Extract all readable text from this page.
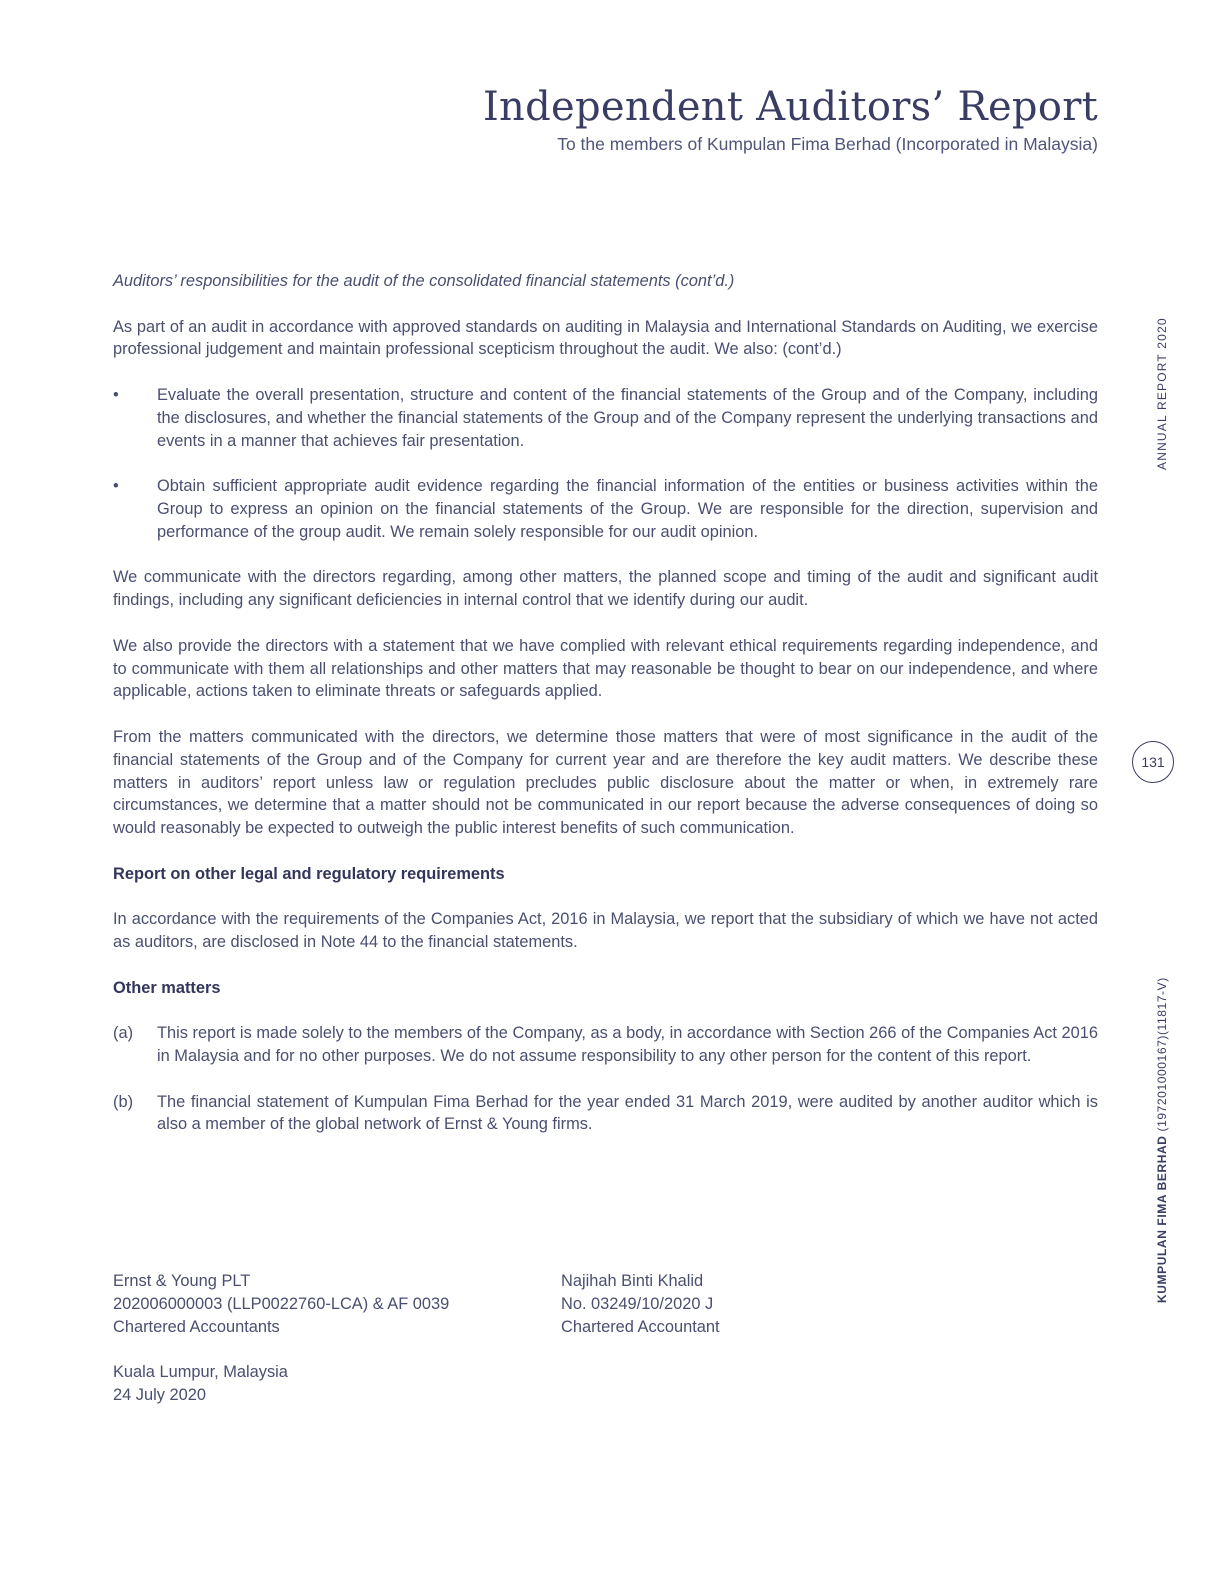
Independent Auditors’ Report
To the members of Kumpulan Fima Berhad (Incorporated in Malaysia)
ANNUAL REPORT 2020
131
KUMPULAN FIMA BERHAD (197201000167)(11817-V)

Auditors’ responsibilities for the audit of the consolidated financial statements (cont’d.)

As part of an audit in accordance with approved standards on auditing in Malaysia and International Standards on Auditing, we exercise professional judgement and maintain professional scepticism throughout the audit. We also: (cont’d.)

•	Evaluate the overall presentation, structure and content of the financial statements of the Group and of the Company, including the disclosures, and whether the financial statements of the Group and of the Company represent the underlying transactions and events in a manner that achieves fair presentation.
•	Obtain sufficient appropriate audit evidence regarding the financial information of the entities or business activities within the Group to express an opinion on the financial statements of the Group. We are responsible for the direction, supervision and performance of the group audit. We remain solely responsible for our audit opinion.

We communicate with the directors regarding, among other matters, the planned scope and timing of the audit and significant audit findings, including any significant deficiencies in internal control that we identify during our audit.

We also provide the directors with a statement that we have complied with relevant ethical requirements regarding independence, and to communicate with them all relationships and other matters that may reasonable be thought to bear on our independence, and where applicable, actions taken to eliminate threats or safeguards applied.

From the matters communicated with the directors, we determine those matters that were of most significance in the audit of the financial statements of the Group and of the Company for current year and are therefore the key audit matters. We describe these matters in auditors’ report unless law or regulation precludes public disclosure about the matter or when, in extremely rare circumstances, we determine that a matter should not be communicated in our report because the adverse consequences of doing so would reasonably be expected to outweigh the public interest benefits of such communication.

Report on other legal and regulatory requirements

In accordance with the requirements of the Companies Act, 2016 in Malaysia, we report that the subsidiary of which we have not acted as auditors, are disclosed in Note 44 to the financial statements.

Other matters

(a)	This report is made solely to the members of the Company, as a body, in accordance with Section 266 of the Companies Act 2016 in Malaysia and for no other purposes. We do not assume responsibility to any other person for the content of this report.
(b)	The financial statement of Kumpulan Fima Berhad for the year ended 31 March 2019, were audited by another auditor which is also a member of the global network of Ernst & Young firms.
Ernst & Young PLT
202006000003 (LLP0022760-LCA) & AF 0039
Chartered Accountants
Najihah Binti Khalid
No. 03249/10/2020 J
Chartered Accountant
Kuala Lumpur, Malaysia
24 July 2020
